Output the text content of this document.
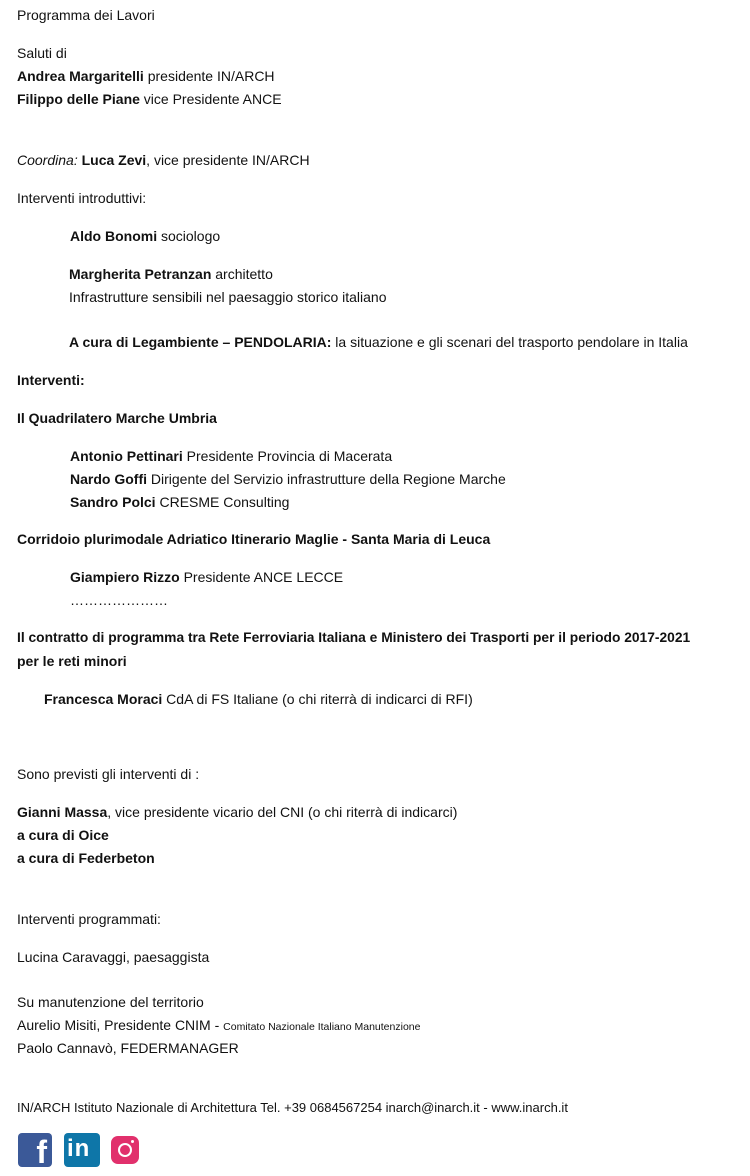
Programma dei Lavori
Saluti di
Andrea Margaritelli presidente IN/ARCH
Filippo delle Piane vice Presidente ANCE
Coordina: Luca Zevi, vice presidente IN/ARCH
Interventi introduttivi:
Aldo Bonomi sociologo
Margherita Petranzan architetto
Infrastrutture sensibili nel paesaggio storico italiano
A cura di Legambiente – PENDOLARIA: la situazione e gli scenari del trasporto pendolare in Italia
Interventi:
Il Quadrilatero Marche Umbria
Antonio Pettinari Presidente Provincia di Macerata
Nardo Goffi Dirigente del Servizio infrastrutture della Regione Marche
Sandro Polci CRESME Consulting
Corridoio plurimodale Adriatico Itinerario Maglie - Santa Maria di Leuca
Giampiero Rizzo Presidente ANCE LECCE
…………………
Il contratto di programma tra Rete Ferroviaria Italiana e Ministero dei Trasporti per il periodo 2017-2021
per le reti minori
Francesca Moraci CdA di FS Italiane (o chi riterrà di indicarci di RFI)
Sono previsti gli interventi di :
Gianni Massa, vice presidente vicario del CNI (o chi riterrà di indicarci)
a cura di Oice
a cura di Federbeton
Interventi programmati:
Lucina Caravaggi, paesaggista
Su manutenzione del territorio
Aurelio Misiti, Presidente CNIM - Comitato Nazionale Italiano Manutenzione
Paolo Cannavò, FEDERMANAGER
IN/ARCH Istituto Nazionale di Architettura Tel. +39 0684567254 inarch@inarch.it - www.inarch.it
f in
